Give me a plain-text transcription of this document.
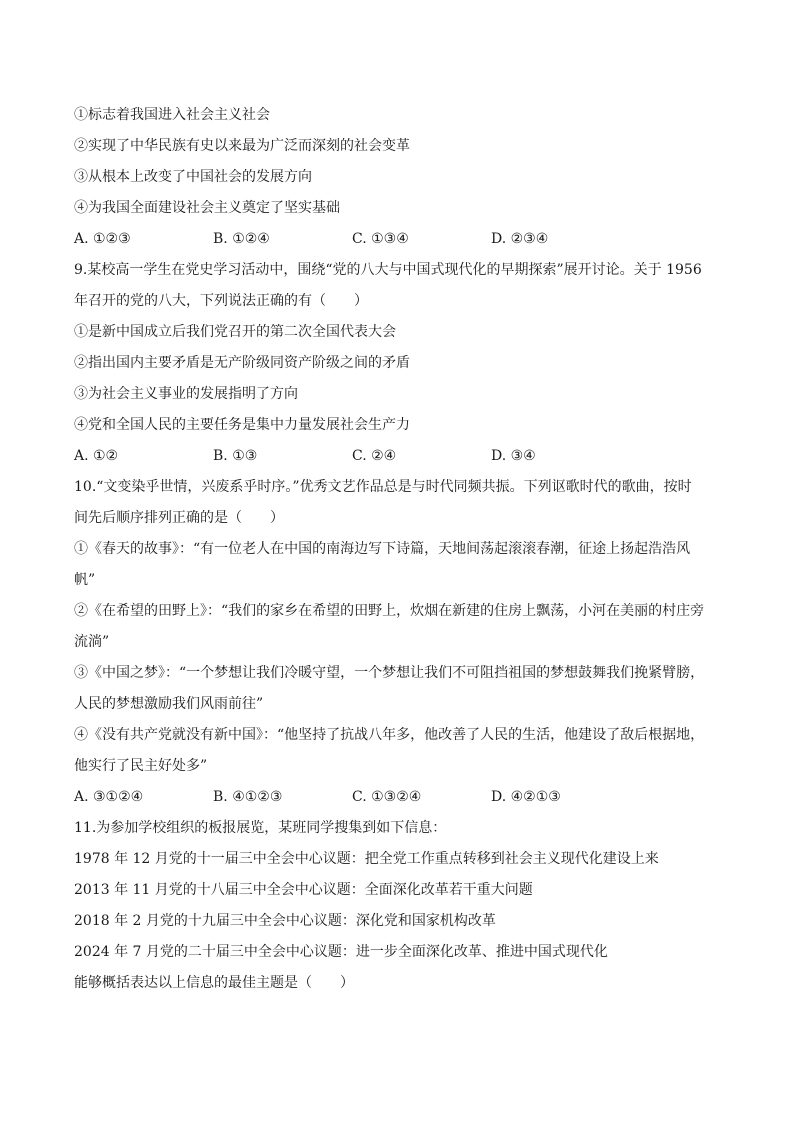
①标志着我国进入社会主义社会
②实现了中华民族有史以来最为广泛而深刻的社会变革
③从根本上改变了中国社会的发展方向
④为我国全面建设社会主义奠定了坚实基础
A. ①②③	B. ①②④	C. ①③④	D. ②③④
9.某校高一学生在党史学习活动中，围绕“党的八大与中国式现代化的早期探索”展开讨论。关于 1956
年召开的党的八大，下列说法正确的有（　　）
①是新中国成立后我们党召开的第二次全国代表大会
②指出国内主要矛盾是无产阶级同资产阶级之间的矛盾
③为社会主义事业的发展指明了方向
④党和全国人民的主要任务是集中力量发展社会生产力
A. ①②	B. ①③	C. ②④	D. ③④
10.“文变染乎世情，兴废系乎时序。”优秀文艺作品总是与时代同频共振。下列讴歌时代的歌曲，按时
间先后顺序排列正确的是（　　）
①《春天的故事》：“有一位老人在中国的南海边写下诗篇，天地间荡起滚滚春潮，征途上扬起浩浩风
帆”
②《在希望的田野上》：“我们的家乡在希望的田野上，炊烟在新建的住房上飘荡，小河在美丽的村庄旁
流淌”
③《中国之梦》：“一个梦想让我们冷暖守望，一个梦想让我们不可阻挡祖国的梦想鼓舞我们挽紧臂膀，
人民的梦想激励我们风雨前往”
④《没有共产党就没有新中国》：“他坚持了抗战八年多，他改善了人民的生活，他建设了敌后根据地，
他实行了民主好处多”
A. ③①②④	B. ④①②③	C. ①③②④	D. ④②①③
11.为参加学校组织的板报展览，某班同学搜集到如下信息：
1978 年 12 月党的十一届三中全会中心议题：把全党工作重点转移到社会主义现代化建设上来
2013 年 11 月党的十八届三中全会中心议题：全面深化改革若干重大问题
2018 年 2 月党的十九届三中全会中心议题：深化党和国家机构改革
2024 年 7 月党的二十届三中全会中心议题：进一步全面深化改革、推进中国式现代化
能够概括表达以上信息的最佳主题是（　　）
